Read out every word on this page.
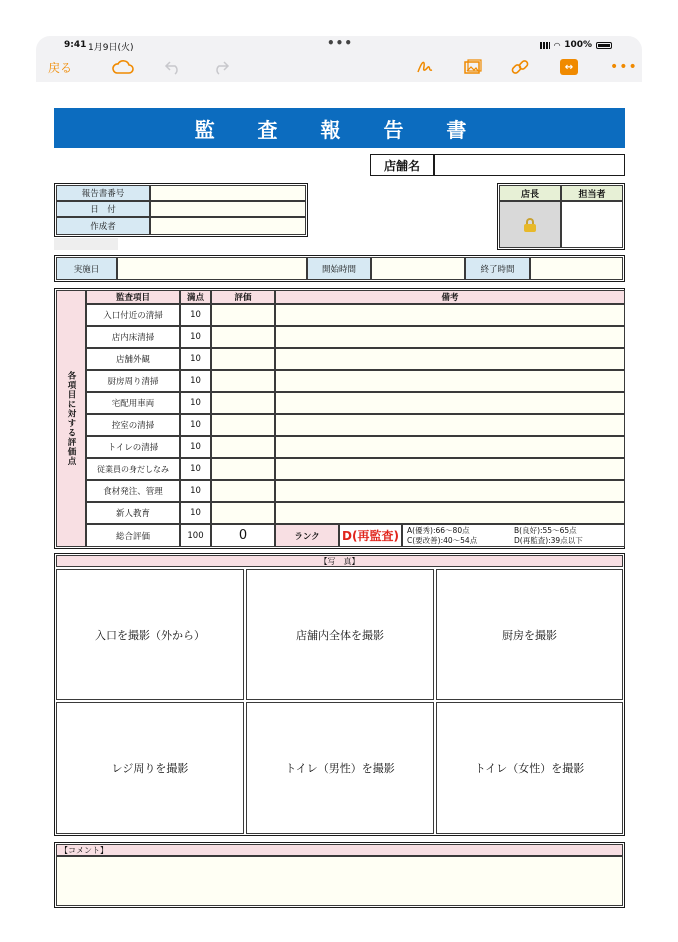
9:41 1月9日(火)	•••	◠ 100%
戻る	↔	•••
監 査 報 告 書
店舗名
報告書番号
日　付
作成者
店長	担当者
実施日	開始時間	終了時間
各項目に対する評価点
監査項目	満点	評価	備考
入口付近の清掃	10
店内床清掃	10
店舗外観	10
厨房周り清掃	10
宅配用車両	10
控室の清掃	10
トイレの清掃	10
従業員の身だしなみ	10
食材発注、管理	10
新人教育	10
総合評価	100	0	ランク	D(再監査)	A(優秀):66～80点	B(良好):55～65点
C(要改善):40～54点	D(再監査):39点以下
【写　真】
入口を撮影（外から）	店舗内全体を撮影	厨房を撮影
レジ周りを撮影	トイレ（男性）を撮影	トイレ（女性）を撮影
【コメント】
